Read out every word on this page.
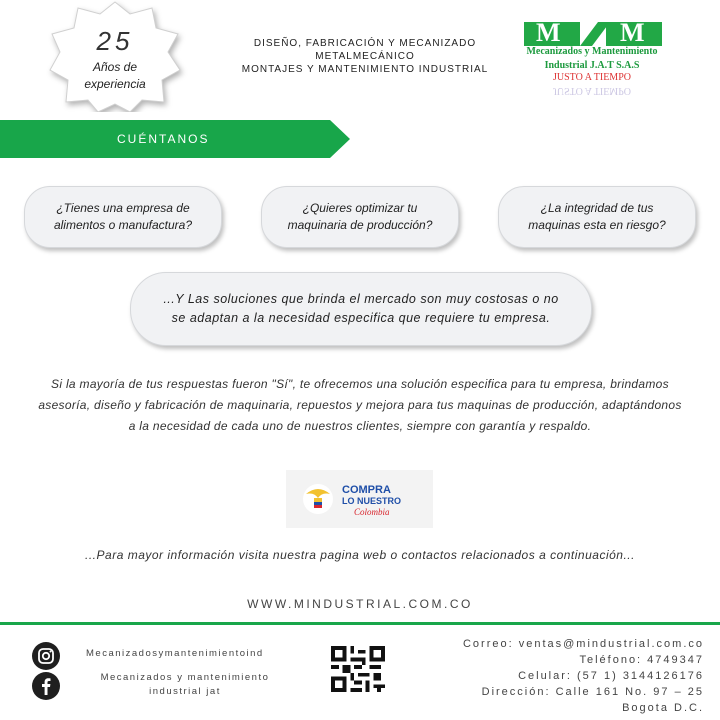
25
Años de
experiencia
DISEÑO, FABRICACIÓN Y MECANIZADO
METALMECÁNICO
MONTAJES Y MANTENIMIENTO INDUSTRIAL
M M
Mecanizados y Mantenimiento
Industrial J.A.T S.A.S
JUSTO A TIEMPO
JUSTO A TIEMPO
CUÉNTANOS
¿Tienes una empresa de alimentos o manufactura?
¿Quieres optimizar tu maquinaria de producción?
¿La integridad de tus maquinas esta en riesgo?
...Y Las soluciones que brinda el mercado son muy costosas o no se adaptan a la necesidad especifica que requiere tu empresa.
Si la mayoría de tus respuestas fueron "Sí", te ofrecemos una solución especifica para tu empresa, brindamos asesoría, diseño y fabricación de maquinaria, repuestos y mejora para tus maquinas de producción, adaptándonos a la necesidad de cada uno de nuestros clientes, siempre con garantía y respaldo.
COMPRA
LO NUESTRO
Colombia
...Para mayor información visita nuestra pagina web o contactos relacionados a continuación...
WWW.MINDUSTRIAL.COM.CO
Mecanizadosymantenimientoind
Mecanizados y mantenimiento
industrial jat
Correo: ventas@mindustrial.com.co
Teléfono: 4749347
Celular: (57 1) 3144126176
Dirección: Calle 161 No. 97 – 25
Bogota D.C.
